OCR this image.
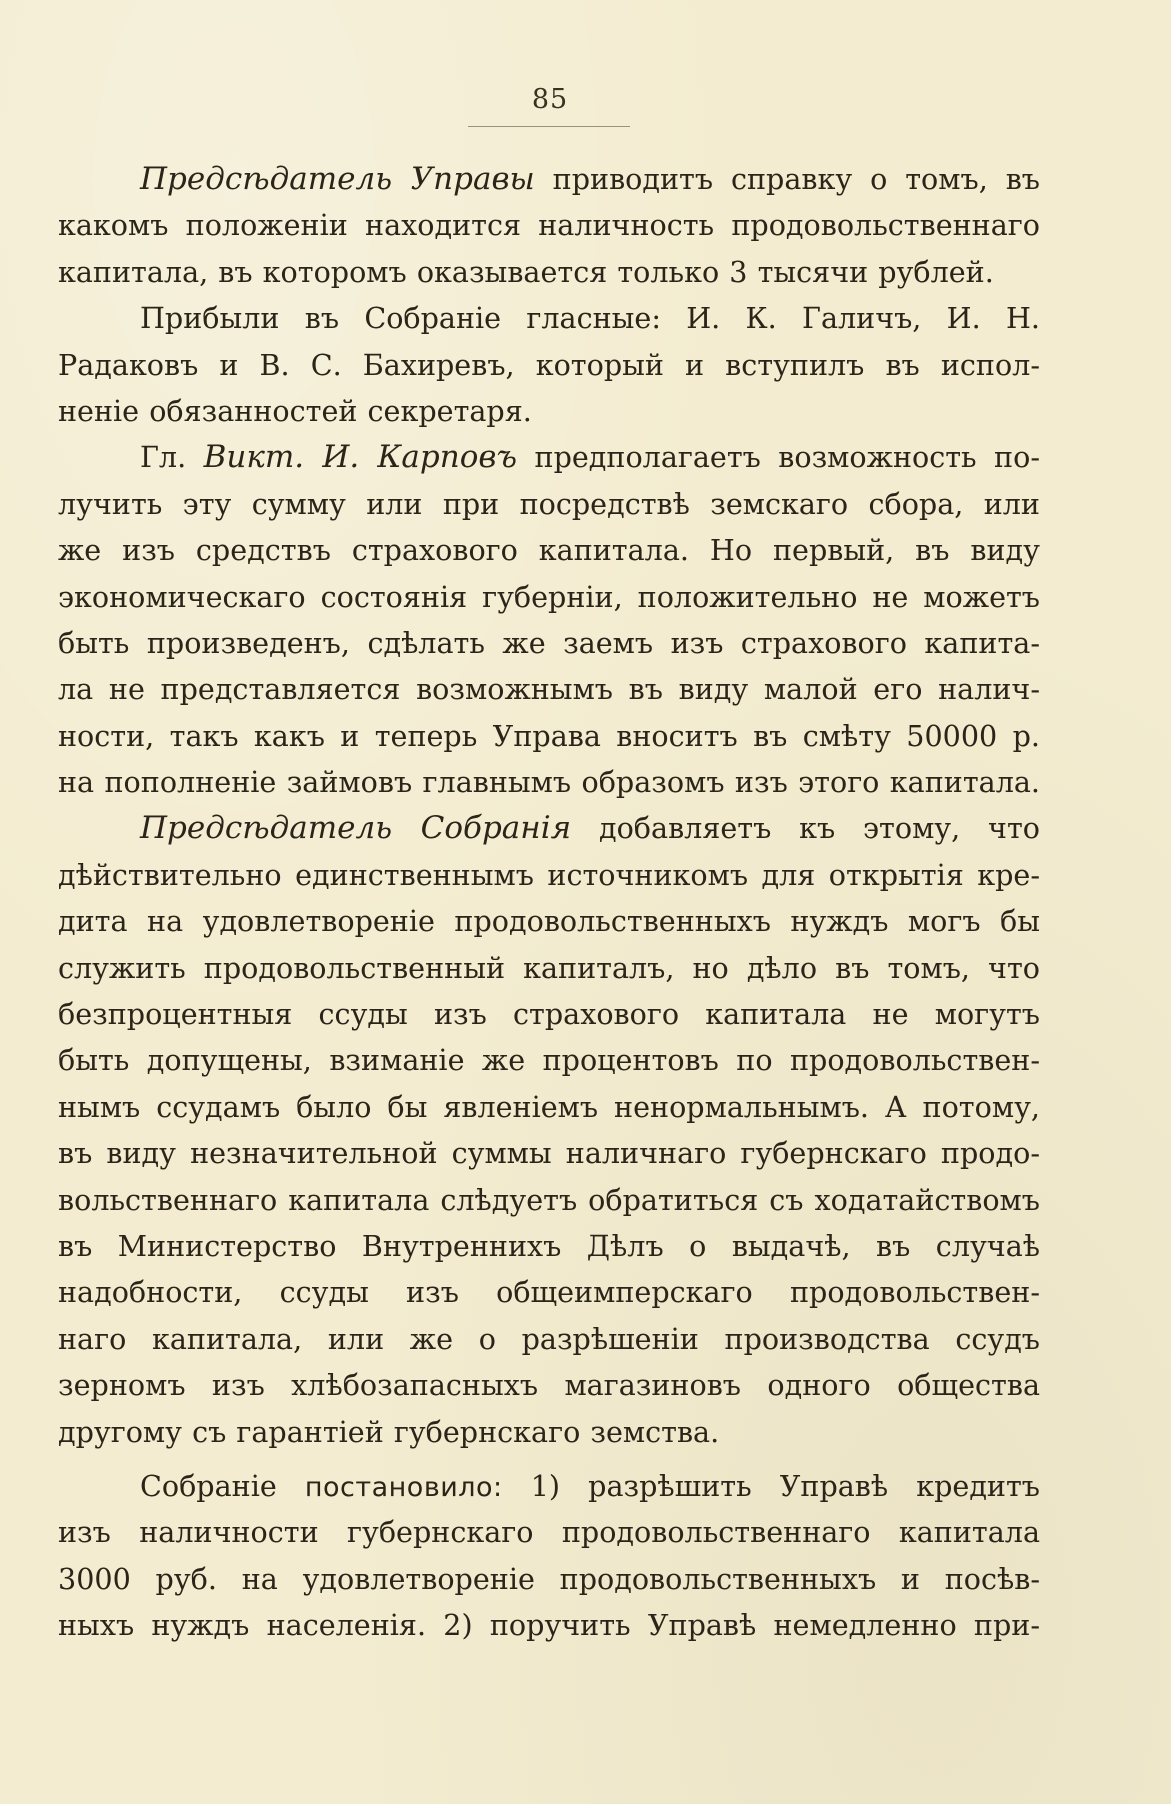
85
Предсѣдатель Управы приводитъ справку о томъ, въ
какомъ положеніи находится наличность продовольственнаго
капитала, въ которомъ оказывается только 3 тысячи рублей.
Прибыли въ Собраніе гласные: И. К. Галичъ, И. Н.
Радаковъ и В. С. Бахиревъ, который и вступилъ въ испол-
неніе обязанностей секретаря.
Гл. Викт. И. Карповъ предполагаетъ возможность по-
лучить эту сумму или при посредствѣ земскаго сбора, или
же изъ средствъ страхового капитала. Но первый, въ виду
экономическаго состоянія губерніи, положительно не можетъ
быть произведенъ, сдѣлать же заемъ изъ страхового капита-
ла не представляется возможнымъ въ виду малой его налич-
ности, такъ какъ и теперь Управа вноситъ въ смѣту 50000 р.
на пополненіе займовъ главнымъ образомъ изъ этого капитала.
Предсѣдатель Собранія добавляетъ къ этому, что
дѣйствительно единственнымъ источникомъ для открытія кре-
дита на удовлетвореніе продовольственныхъ нуждъ могъ бы
служить продовольственный капиталъ, но дѣло въ томъ, что
безпроцентныя ссуды изъ страхового капитала не могутъ
быть допущены, взиманіе же процентовъ по продовольствен-
нымъ ссудамъ было бы явленіемъ ненормальнымъ. А потому,
въ виду незначительной суммы наличнаго губернскаго продо-
вольственнаго капитала слѣдуетъ обратиться съ ходатайствомъ
въ Министерство Внутреннихъ Дѣлъ о выдачѣ, въ случаѣ
надобности, ссуды изъ общеимперскаго продовольствен-
наго капитала, или же о разрѣшеніи производства ссудъ
зерномъ изъ хлѣбозапасныхъ магазиновъ одного общества
другому съ гарантіей губернскаго земства.
Собраніе постановило: 1) разрѣшить Управѣ кредитъ
изъ наличности губернскаго продовольственнаго капитала
3000 руб. на удовлетвореніе продовольственныхъ и посѣв-
ныхъ нуждъ населенія. 2) поручить Управѣ немедленно при-
